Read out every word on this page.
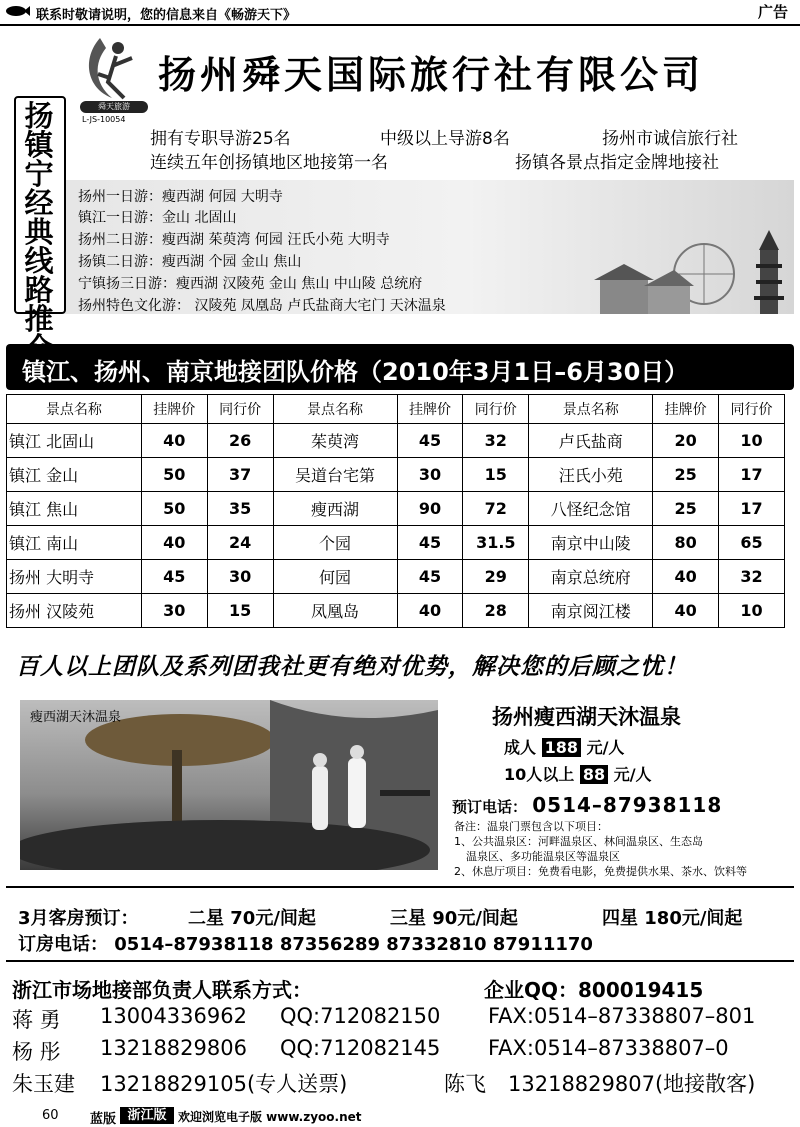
联系时敬请说明，您的信息来自《畅游天下》	广告
舜天旅游
L-JS-10054
扬州舜天国际旅行社有限公司
拥有专职导游25名	中级以上导游8名	扬州市诚信旅行社
连续五年创扬镇地区地接第一名	扬镇各景点指定金牌地接社
扬镇宁经典线路推
扬州一日游：瘦西湖 何园 大明寺
镇江一日游：金山 北固山
扬州二日游：瘦西湖 茱萸湾 何园 汪氏小苑 大明寺
扬镇二日游：瘦西湖 个园 金山 焦山
宁镇扬三日游：瘦西湖 汉陵苑 金山 焦山 中山陵 总统府
扬州特色文化游： 汉陵苑 凤凰岛 卢氏盐商大宅门 天沐温泉
镇江、扬州、南京地接团队价格（2010年3月1日–6月30日）
景点名称	挂牌价	同行价	景点名称	挂牌价	同行价	景点名称	挂牌价	同行价
镇江 北固山	40	26	茱萸湾	45	32	卢氏盐商	20	10
镇江 金山	50	37	吴道台宅第	30	15	汪氏小苑	25	17
镇江 焦山	50	35	瘦西湖	90	72	八怪纪念馆	25	17
镇江 南山	40	24	个园	45	31.5	南京中山陵	80	65
扬州 大明寺	45	30	何园	45	29	南京总统府	40	32
扬州 汉陵苑	30	15	凤凰岛	40	28	南京阅江楼	40	10
百人以上团队及系列团我社更有绝对优势，解决您的后顾之忧！
瘦西湖天沐温泉	扬州瘦西湖天沐温泉
成人 188 元/人
10人以上 88 元/人
预订电话： 0514–87938118
备注：温泉门票包含以下项目：
1、公共温泉区：河畔温泉区、林间温泉区、生态岛
温泉区、多功能温泉区等温泉区
2、休息厅项目：免费看电影，免费提供水果、茶水、饮料等
3月客房预订：	二星 70元/间起	三星 90元/间起	四星 180元/间起
订房电话： 0514–87938118 87356289 87332810 87911170
浙江市场地接部负责人联系方式：	企业QQ：800019415
蒋 勇 13004336962 QQ:712082150 FAX:0514–87338807–801
杨 彤 13218829806 QQ:712082145 FAX:0514–87338807–0
朱玉建 13218829105(专人送票)	陈飞 13218829807(地接散客)
60 蓝版 浙江版 欢迎浏览电子版 www.zyoo.net
